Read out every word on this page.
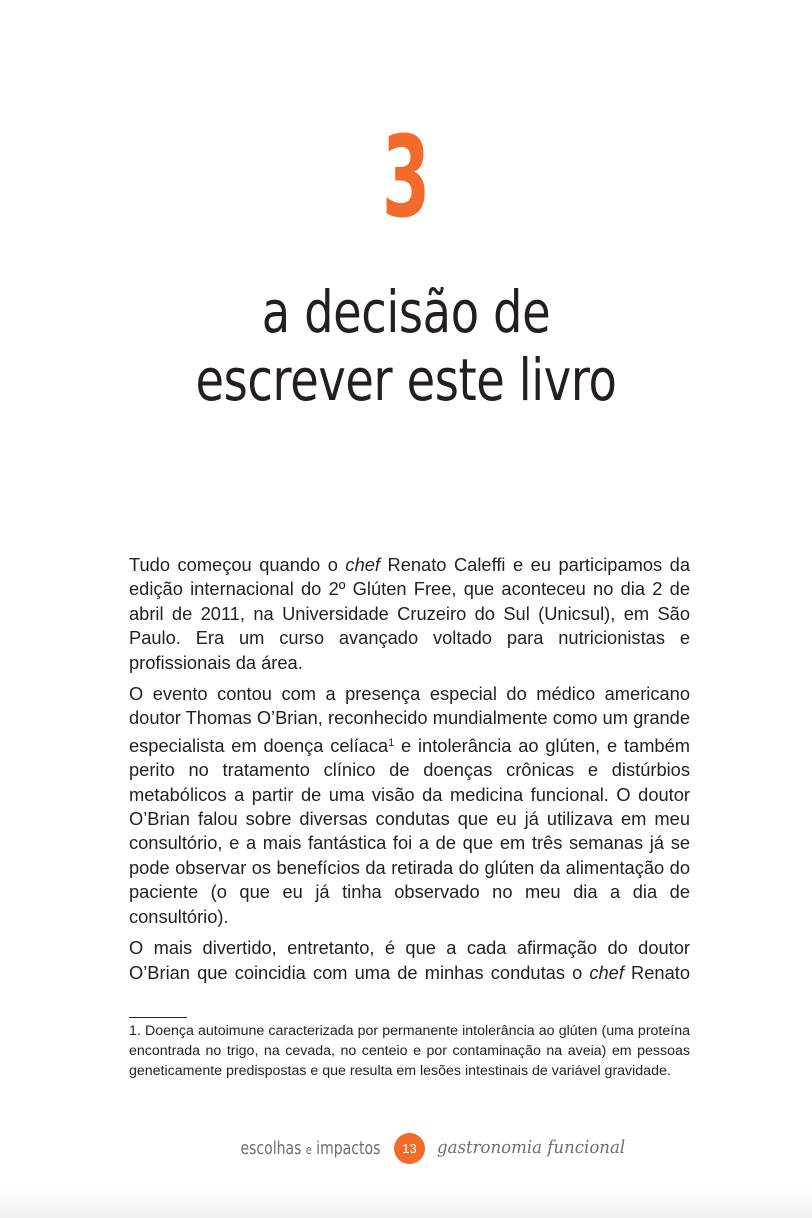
3
a decisão de
escrever este livro

Tudo começou quando o chef Renato Caleffi e eu participamos da edição internacional do 2º Glúten Free, que aconteceu no dia 2 de abril de 2011, na Universidade Cruzeiro do Sul (Unicsul), em São Paulo. Era um curso avançado voltado para nutricionistas e profissionais da área.

O evento contou com a presença especial do médico americano doutor Thomas O’Brian, reconhecido mundialmente como um grande especialista em doença celíaca$^1$ e intolerância ao glúten, e também perito no tratamento clínico de doenças crônicas e distúrbios metabólicos a partir de uma visão da medicina funcional. O doutor O’Brian falou sobre diversas condutas que eu já utilizava em meu consultório, e a mais fantástica foi a de que em três semanas já se pode observar os benefícios da retirada do glúten da alimentação do paciente (o que eu já tinha observado no meu dia a dia de consultório).

O mais divertido, entretanto, é que a cada afirmação do doutor O’Brian que coincidia com uma de minhas condutas o chef Renato

1. Doença autoimune caracterizada por permanente intolerância ao glúten (uma proteína encontrada no trigo, na cevada, no centeio e por contaminação na aveia) em pessoas geneticamente predispostas e que resulta em lesões intestinais de variável gravidade.
escolhas e impactos	13	gastronomia funcional
